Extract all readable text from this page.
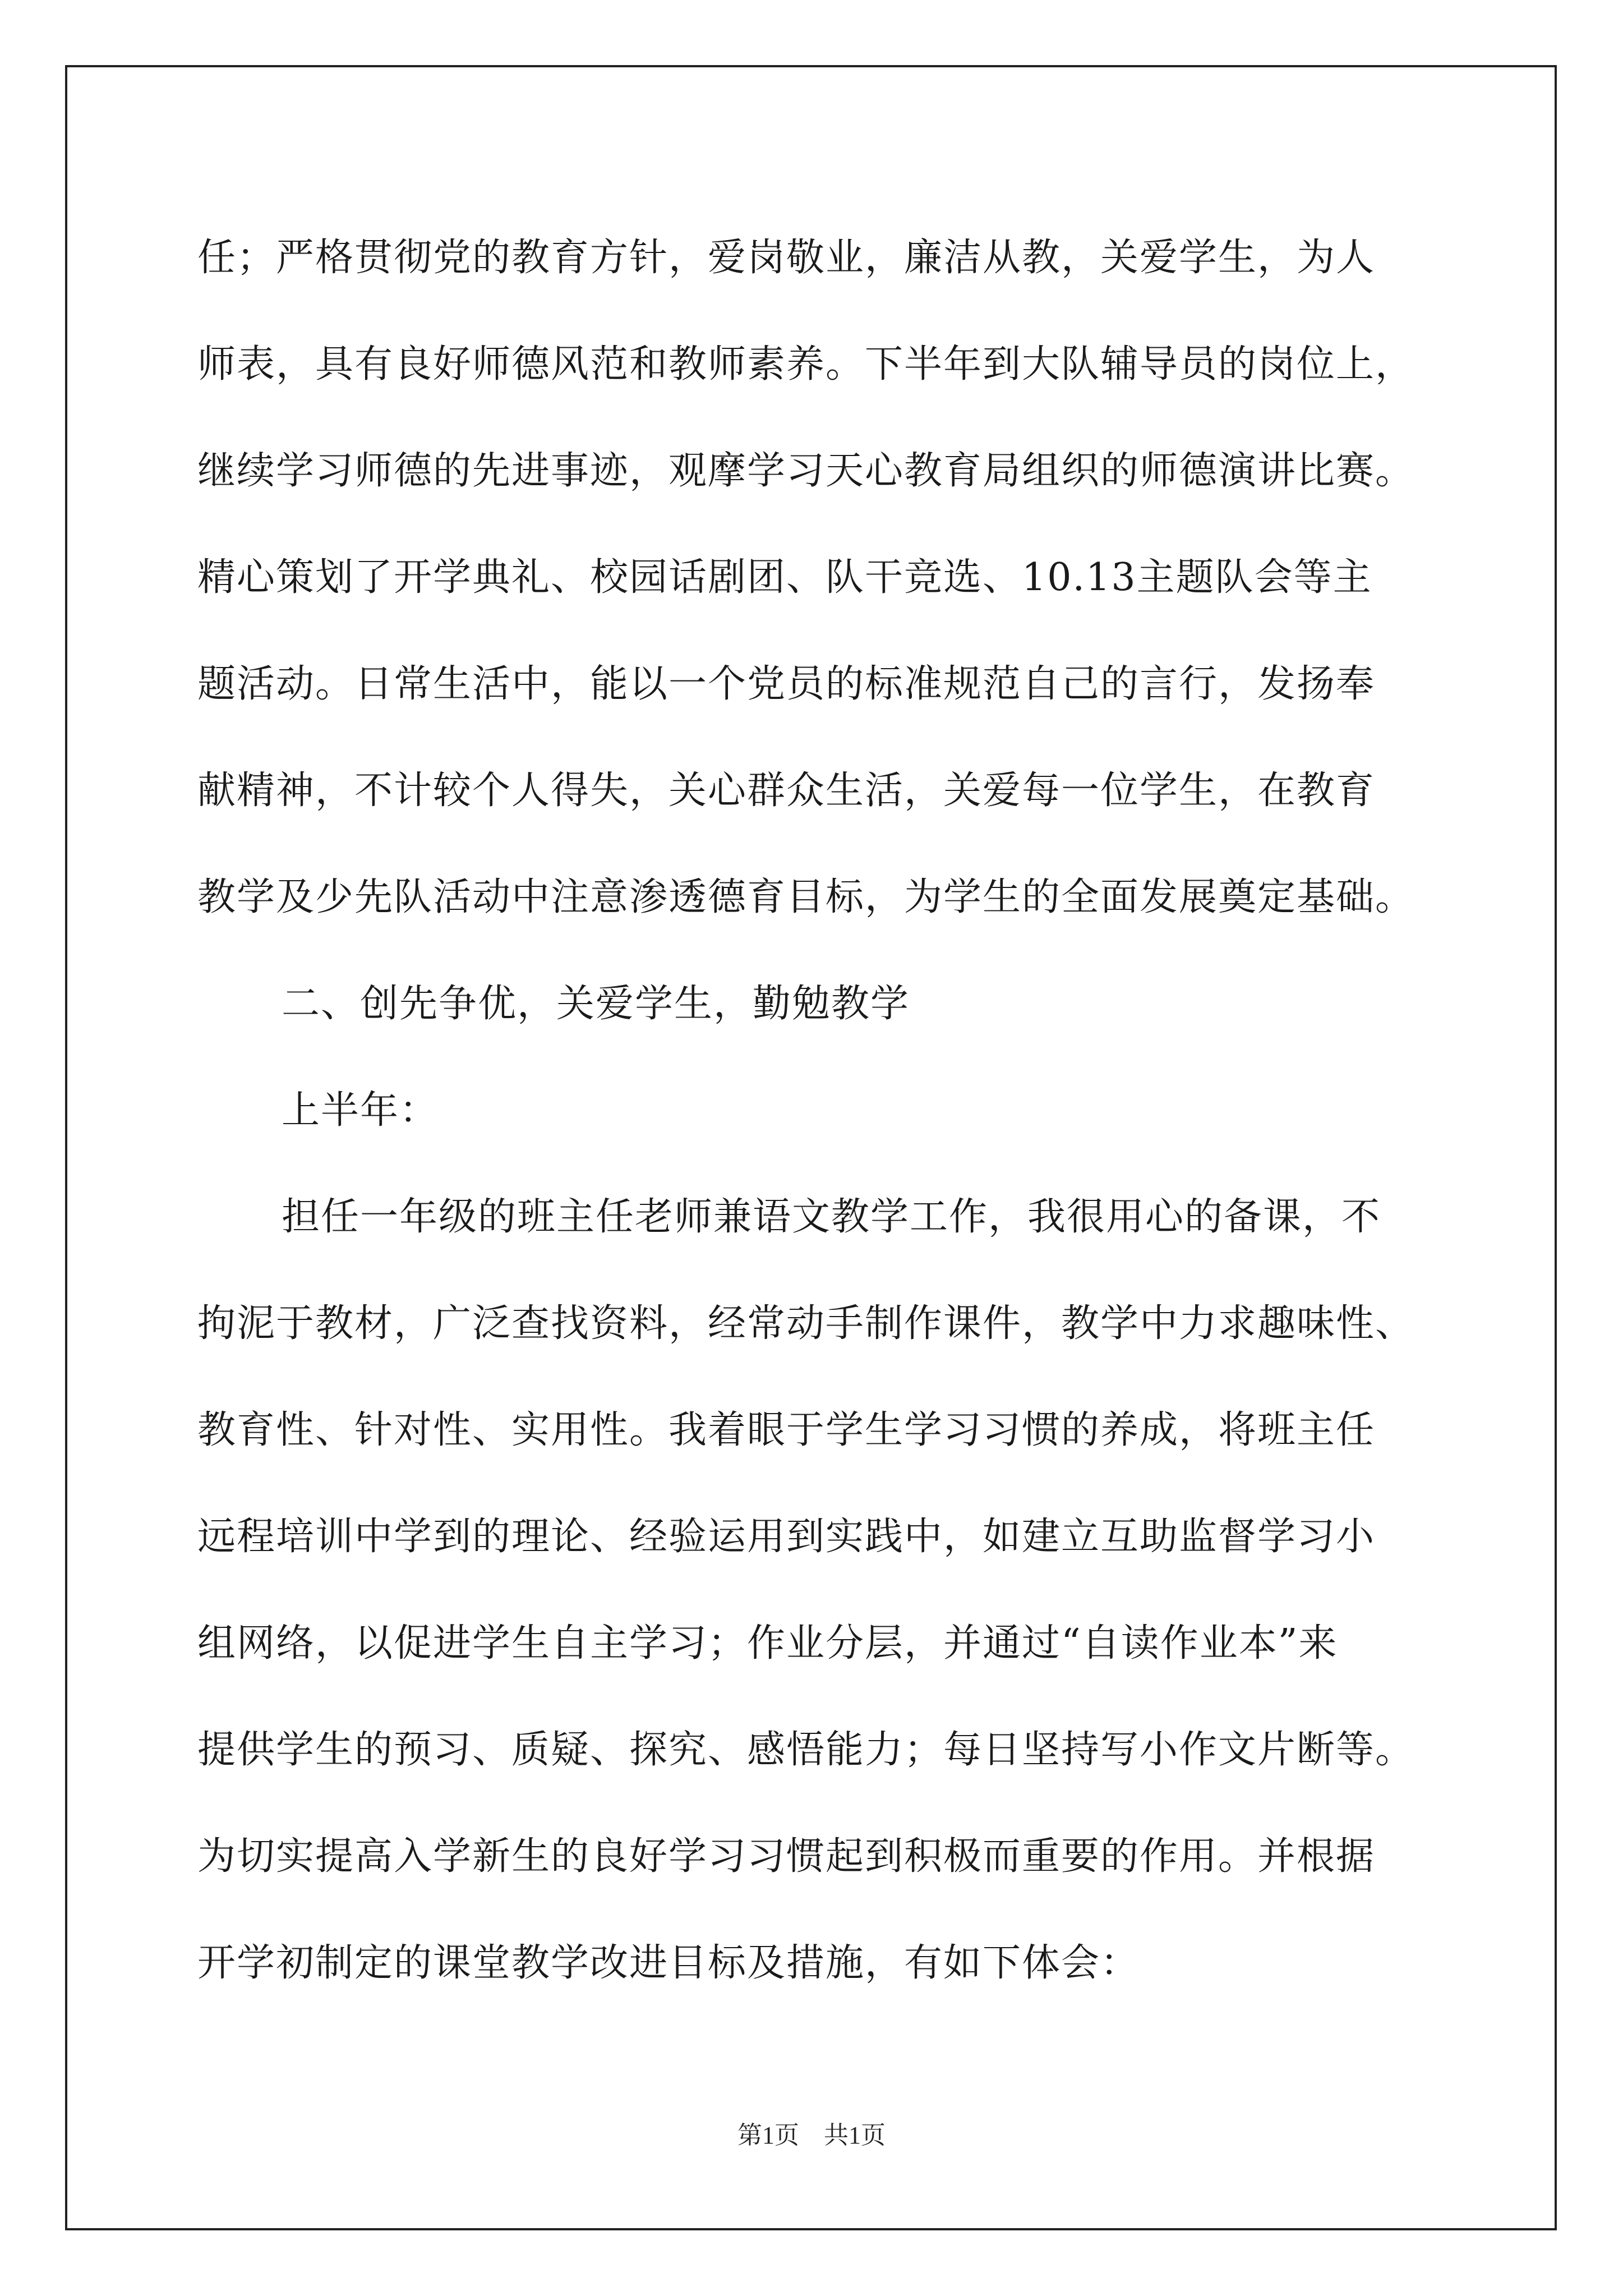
任；严格贯彻党的教育方针，爱岗敬业，廉洁从教，关爱学生，为人
师表，具有良好师德风范和教师素养。下半年到大队辅导员的岗位上，
继续学习师德的先进事迹，观摩学习天心教育局组织的师德演讲比赛。
精心策划了开学典礼、校园话剧团、队干竞选、10.13主题队会等主
题活动。日常生活中，能以一个党员的标准规范自己的言行，发扬奉
献精神，不计较个人得失，关心群众生活，关爱每一位学生，在教育
教学及少先队活动中注意渗透德育目标，为学生的全面发展奠定基础。
二、创先争优，关爱学生，勤勉教学
上半年：
担任一年级的班主任老师兼语文教学工作，我很用心的备课，不
拘泥于教材，广泛查找资料，经常动手制作课件，教学中力求趣味性、
教育性、针对性、实用性。我着眼于学生学习习惯的养成，将班主任
远程培训中学到的理论、经验运用到实践中，如建立互助监督学习小
组网络，以促进学生自主学习；作业分层，并通过“自读作业本”来
提供学生的预习、质疑、探究、感悟能力；每日坚持写小作文片断等。
为切实提高入学新生的良好学习习惯起到积极而重要的作用。并根据
开学初制定的课堂教学改进目标及措施，有如下体会：
第1页　共1页
